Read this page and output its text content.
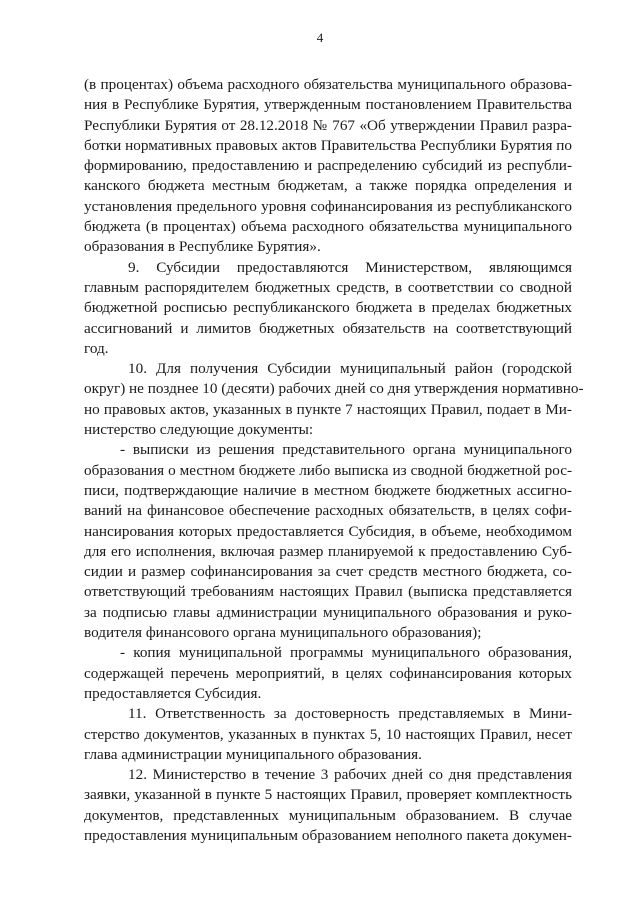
4
(в процентах) объема расходного обязательства муниципального образова-
ния в Республике Бурятия, утвержденным постановлением Правительства
Республики Бурятия от 28.12.2018 № 767 «Об утверждении Правил разра-
ботки нормативных правовых актов Правительства Республики Бурятия по
формированию, предоставлению и распределению субсидий из республи-
канского бюджета местным бюджетам, а также порядка определения и
установления предельного уровня софинансирования из республиканского
бюджета (в процентах) объема расходного обязательства муниципального
образования в Республике Бурятия».
9. Субсидии предоставляются Министерством, являющимся
главным распорядителем бюджетных средств, в соответствии со сводной
бюджетной росписью республиканского бюджета в пределах бюджетных
ассигнований и лимитов бюджетных обязательств на соответствующий
год.
10. Для получения Субсидии муниципальный район (городской
округ) не позднее 10 (десяти) рабочих дней со дня утверждения нормативно-
но правовых актов, указанных в пункте 7 настоящих Правил, подает в Ми-
нистерство следующие документы:
- выписки из решения представительного органа муниципального
образования о местном бюджете либо выписка из сводной бюджетной рос-
писи, подтверждающие наличие в местном бюджете бюджетных ассигно-
ваний на финансовое обеспечение расходных обязательств, в целях софи-
нансирования которых предоставляется Субсидия, в объеме, необходимом
для его исполнения, включая размер планируемой к предоставлению Суб-
сидии и размер софинансирования за счет средств местного бюджета, со-
ответствующий требованиям настоящих Правил (выписка представляется
за подписью главы администрации муниципального образования и руко-
водителя финансового органа муниципального образования);
- копия муниципальной программы муниципального образования,
содержащей перечень мероприятий, в целях софинансирования которых
предоставляется Субсидия.
11. Ответственность за достоверность представляемых в Мини-
стерство документов, указанных в пунктах 5, 10 настоящих Правил, несет
глава администрации муниципального образования.
12. Министерство в течение 3 рабочих дней со дня представления
заявки, указанной в пункте 5 настоящих Правил, проверяет комплектность
документов, представленных муниципальным образованием. В случае
предоставления муниципальным образованием неполного пакета докумен-
